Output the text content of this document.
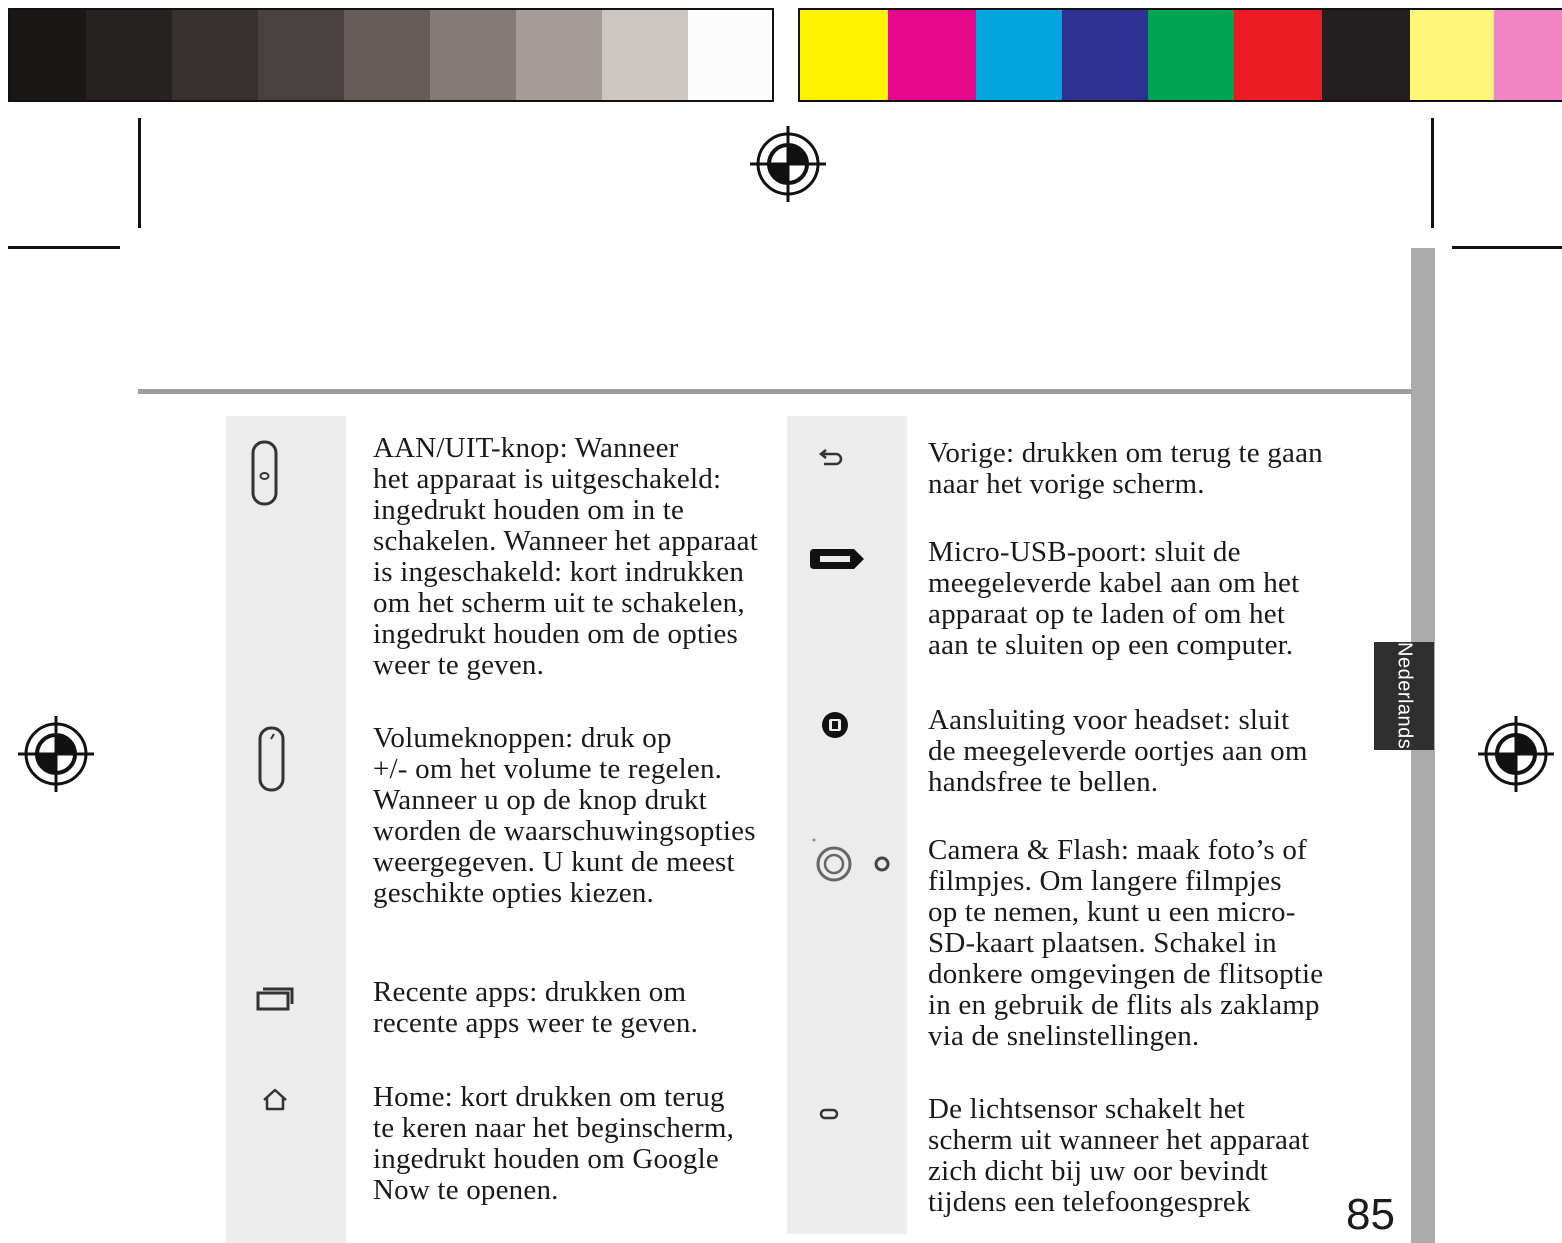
Nederlands
AAN/UIT-knop: Wanneer
het apparaat is uitgeschakeld:
ingedrukt houden om in te
schakelen. Wanneer het apparaat
is ingeschakeld: kort indrukken
om het scherm uit te schakelen,
ingedrukt houden om de opties
weer te geven.
Volumeknoppen: druk op
+/- om het volume te regelen.
Wanneer u op de knop drukt
worden de waarschuwingsopties
weergegeven. U kunt de meest
geschikte opties kiezen.
Recente apps: drukken om
recente apps weer te geven.
Home: kort drukken om terug
te keren naar het beginscherm,
ingedrukt houden om Google
Now te openen.
Vorige: drukken om terug te gaan
naar het vorige scherm.
Micro-USB-poort: sluit de
meegeleverde kabel aan om het
apparaat op te laden of om het
aan te sluiten op een computer.
Aansluiting voor headset: sluit
de meegeleverde oortjes aan om
handsfree te bellen.
Camera & Flash: maak foto’s of
filmpjes. Om langere filmpjes
op te nemen, kunt u een micro-
SD-kaart plaatsen. Schakel in
donkere omgevingen de flitsoptie
in en gebruik de flits als zaklamp
via de snelinstellingen.
De lichtsensor schakelt het
scherm uit wanneer het apparaat
zich dicht bij uw oor bevindt
tijdens een telefoongesprek	85
